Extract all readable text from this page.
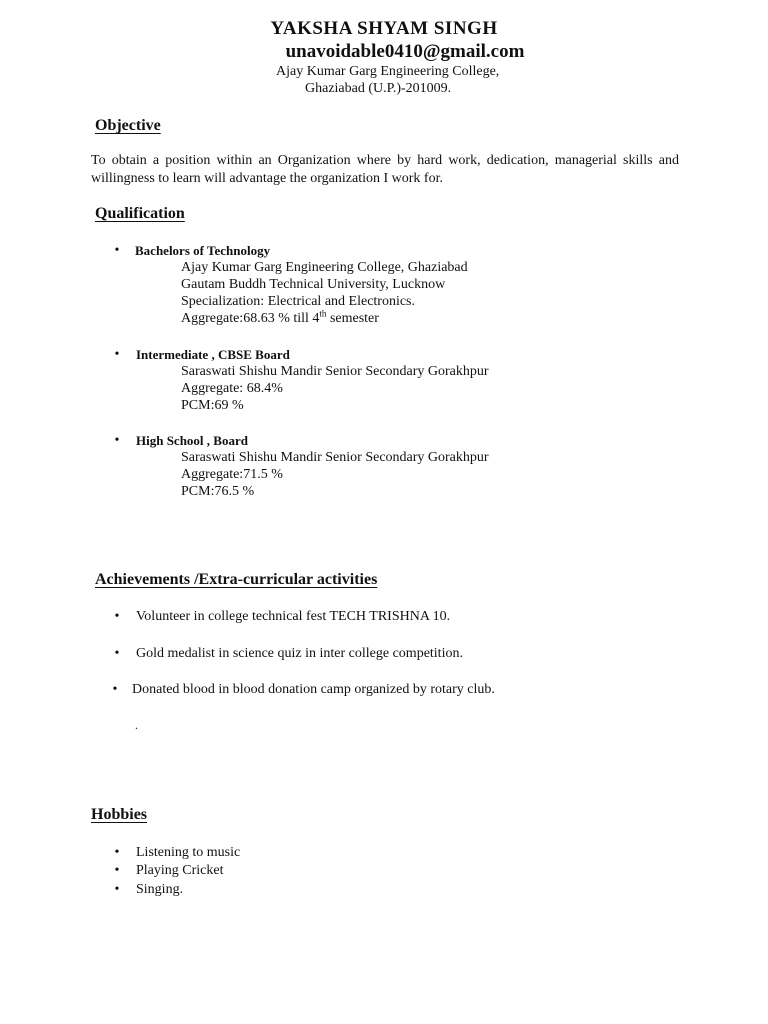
YAKSHA SHYAM SINGH
unavoidable0410@gmail.com
Ajay Kumar Garg Engineering College,
Ghaziabad (U.P.)-201009.
Objective
To obtain a position within an Organization where by hard work, dedication, managerial skills and willingness to learn will advantage the organization I work for.
Qualification
• Bachelors of Technology
Ajay Kumar Garg Engineering College, Ghaziabad
Gautam Buddh Technical University, Lucknow
Specialization: Electrical and Electronics.
Aggregate:68.63 % till 4th semester
• Intermediate , CBSE Board
Saraswati Shishu Mandir Senior Secondary Gorakhpur
Aggregate: 68.4%
PCM:69 %
• High School , Board
Saraswati Shishu Mandir Senior Secondary Gorakhpur
Aggregate:71.5 %
PCM:76.5 %
Achievements /Extra-curricular activities
• Volunteer in college technical fest TECH TRISHNA 10.
• Gold medalist in science quiz in inter college competition.
• Donated blood in blood donation camp organized by rotary club.
.
Hobbies
• Listening to music
• Playing Cricket
• Singing.
